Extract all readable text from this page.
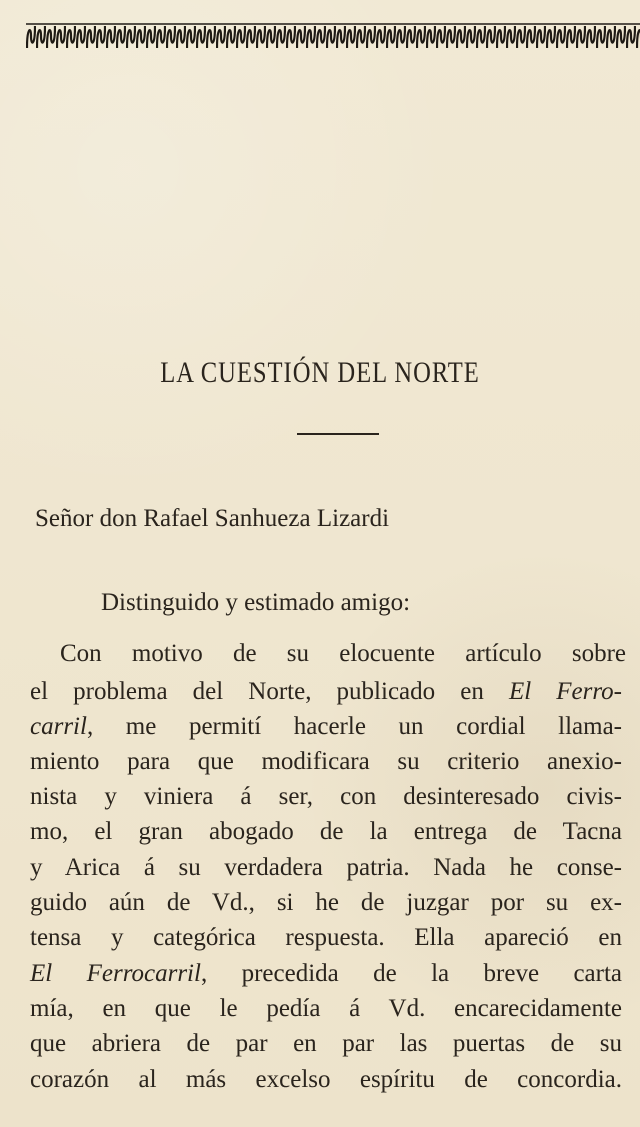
LA CUESTIÓN DEL NORTE
Señor don Rafael Sanhueza Lizardi
Distinguido y estimado amigo:
Con motivo de su elocuente artículo sobre
el problema del Norte, publicado en El Ferro-
carril, me permití hacerle un cordial llama-
miento para que modificara su criterio anexio-
nista y viniera á ser, con desinteresado civis-
mo, el gran abogado de la entrega de Tacna
y Arica á su verdadera patria. Nada he conse-
guido aún de Vd., si he de juzgar por su ex-
tensa y categórica respuesta. Ella apareció en
El Ferrocarril, precedida de la breve carta
mía, en que le pedía á Vd. encarecidamente
que abriera de par en par las puertas de su
corazón al más excelso espíritu de concordia.
